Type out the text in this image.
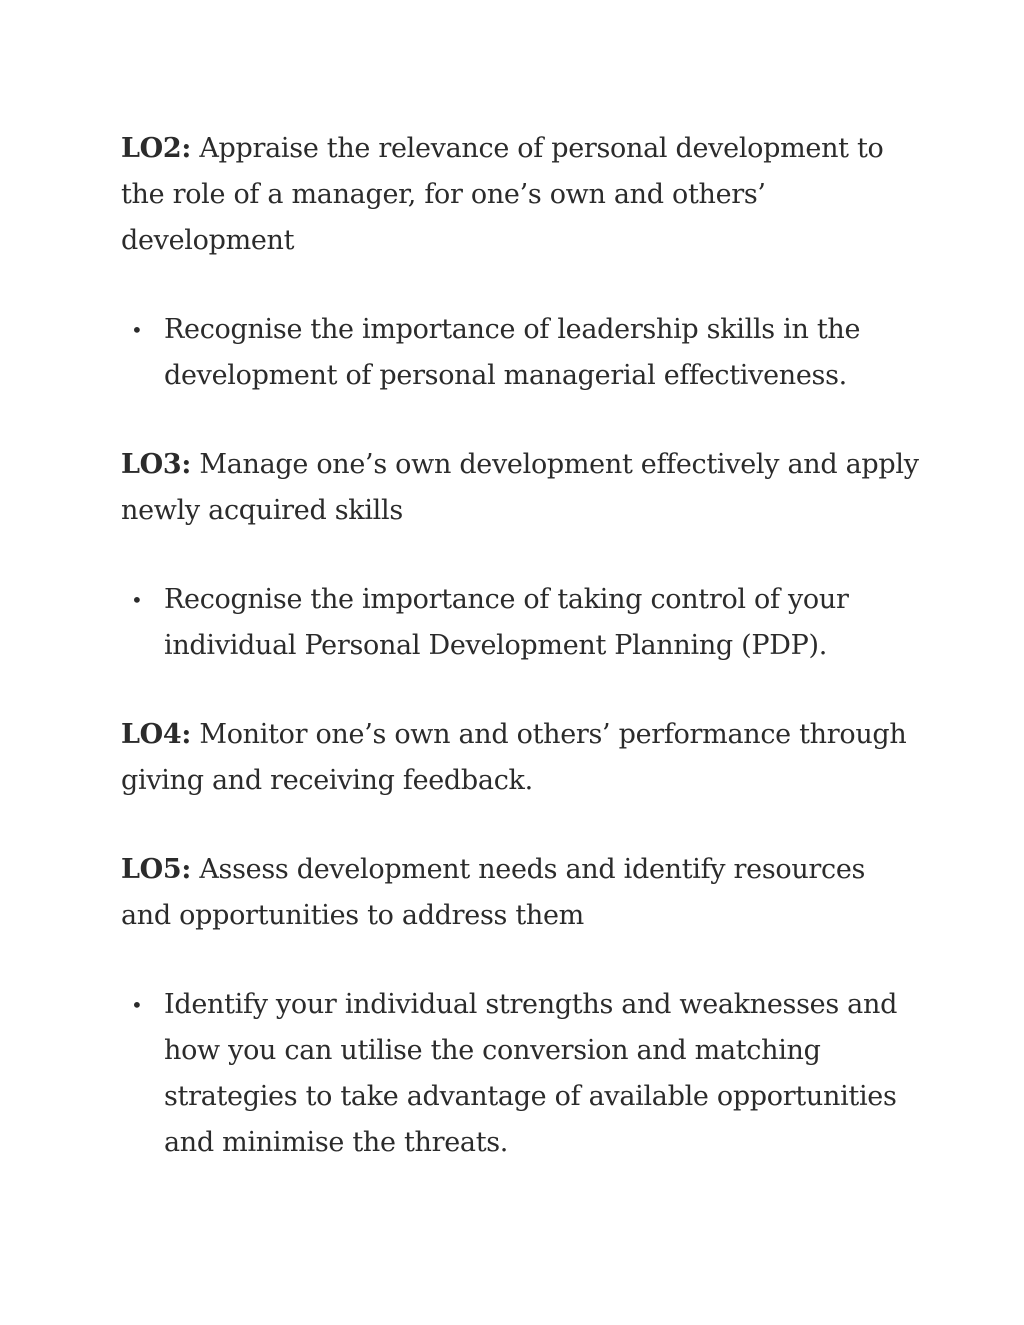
LO2: Appraise the relevance of personal development to the role of a manager, for one’s own and others’ development

• Recognise the importance of leadership skills in the development of personal managerial effectiveness.

LO3: Manage one’s own development effectively and apply newly acquired skills

• Recognise the importance of taking control of your individual Personal Development Planning (PDP).

LO4: Monitor one’s own and others’ performance through giving and receiving feedback.

LO5: Assess development needs and identify resources and opportunities to address them

• Identify your individual strengths and weaknesses and how you can utilise the conversion and matching strategies to take advantage of available opportunities and minimise the threats.
